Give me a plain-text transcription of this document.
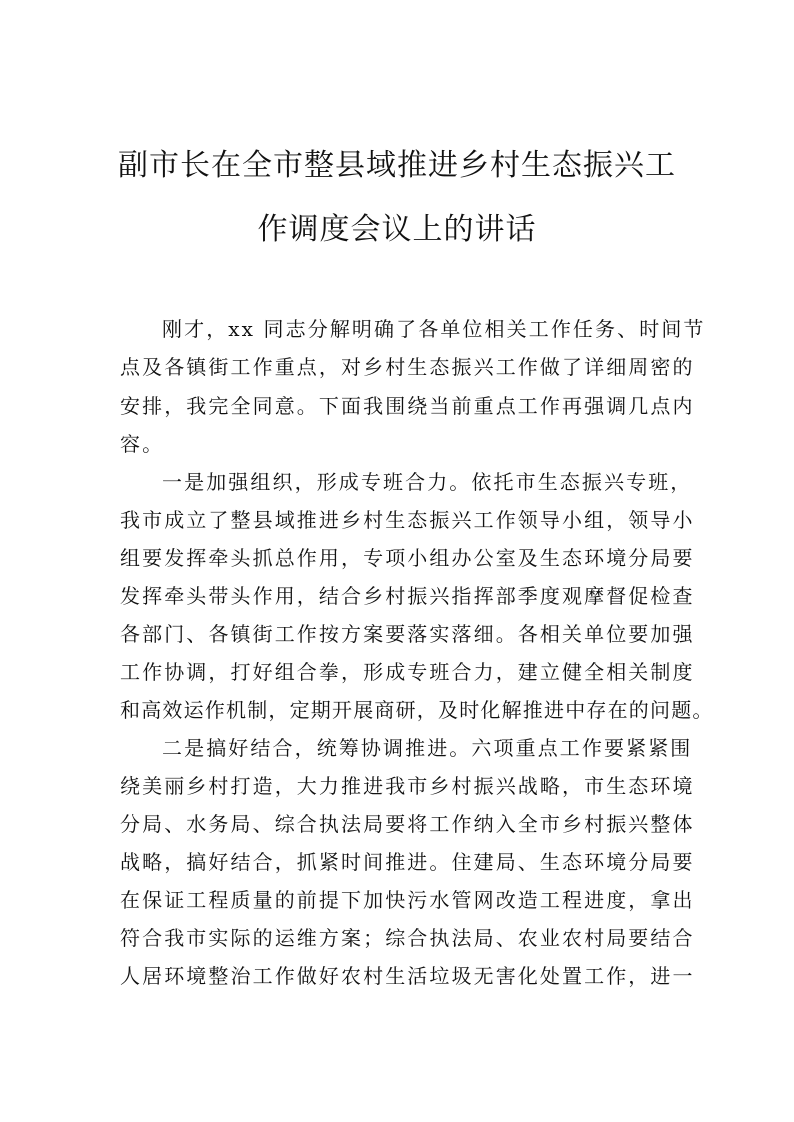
副市长在全市整县域推进乡村生态振兴工
作调度会议上的讲话

刚才，xx 同志分解明确了各单位相关工作任务、时间节

点及各镇街工作重点，对乡村生态振兴工作做了详细周密的

安排，我完全同意。下面我围绕当前重点工作再强调几点内

容。

一是加强组织，形成专班合力。依托市生态振兴专班，

我市成立了整县域推进乡村生态振兴工作领导小组，领导小

组要发挥牵头抓总作用，专项小组办公室及生态环境分局要

发挥牵头带头作用，结合乡村振兴指挥部季度观摩督促检查

各部门、各镇街工作按方案要落实落细。各相关单位要加强

工作协调，打好组合拳，形成专班合力，建立健全相关制度

和高效运作机制，定期开展商研，及时化解推进中存在的问题。

二是搞好结合，统筹协调推进。六项重点工作要紧紧围

绕美丽乡村打造，大力推进我市乡村振兴战略，市生态环境

分局、水务局、综合执法局要将工作纳入全市乡村振兴整体

战略，搞好结合，抓紧时间推进。住建局、生态环境分局要

在保证工程质量的前提下加快污水管网改造工程进度，拿出

符合我市实际的运维方案；综合执法局、农业农村局要结合

人居环境整治工作做好农村生活垃圾无害化处置工作，进一
